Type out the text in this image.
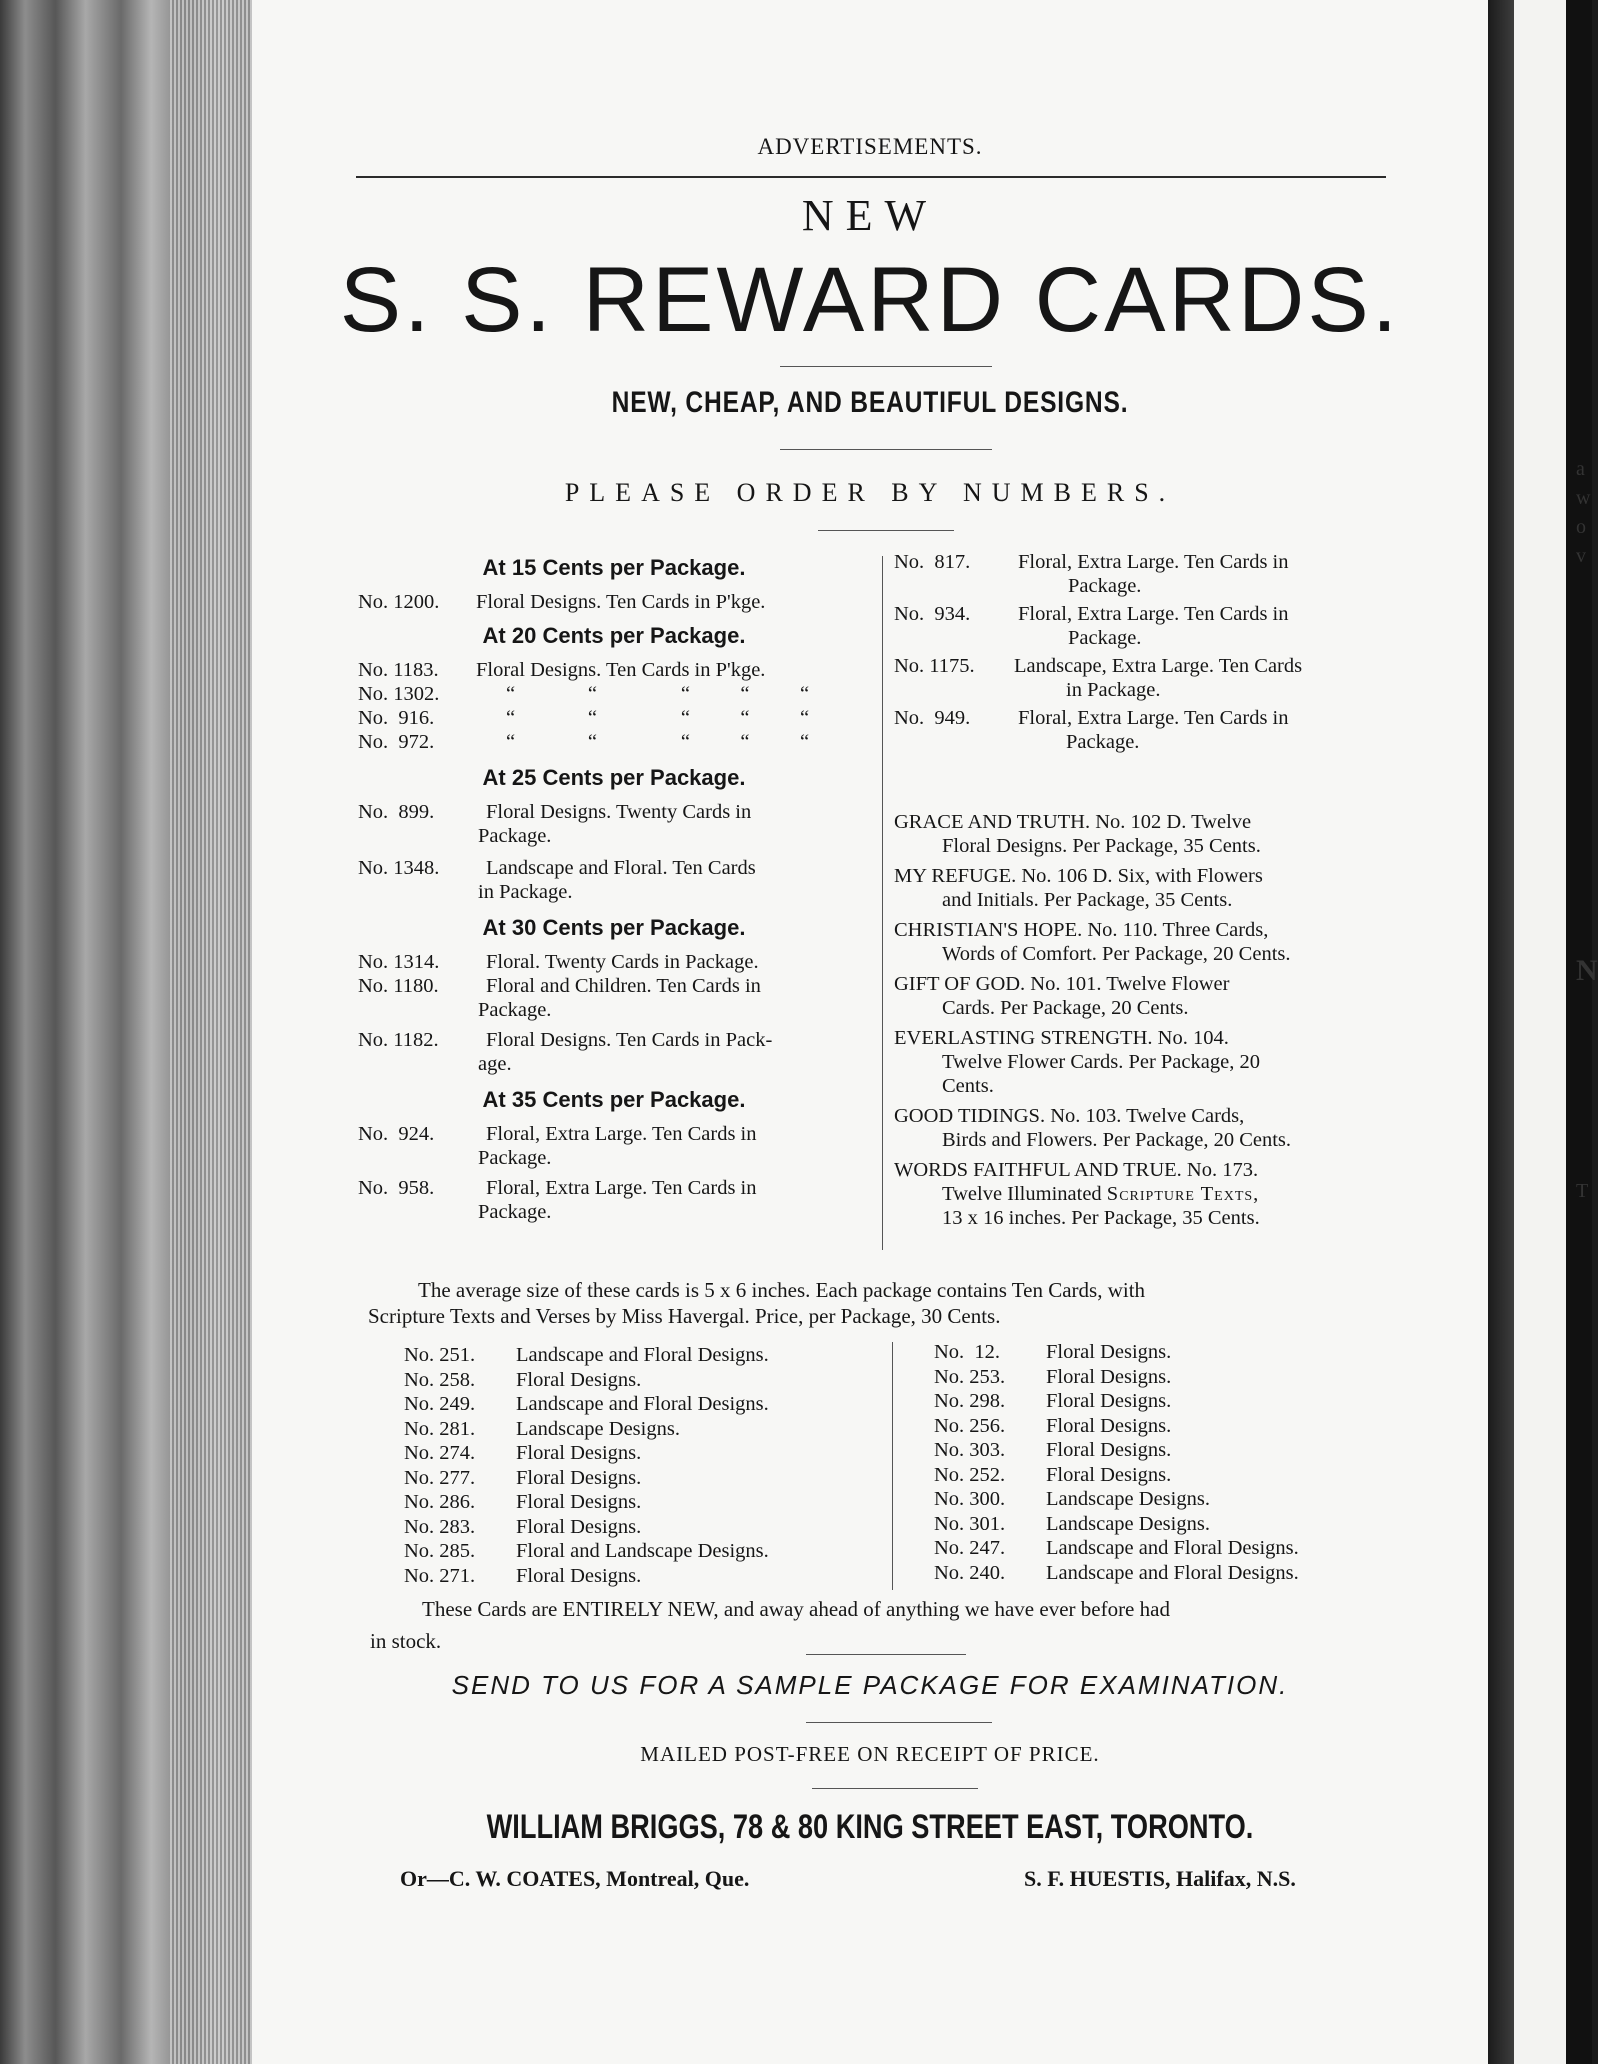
a
w
o
v
N
T
ADVERTISEMENTS.
NEW
S. S. REWARD CARDS.
NEW, CHEAP, AND BEAUTIFUL DESIGNS.
PLEASE ORDER BY NUMBERS.
At 15 Cents per Package.
No. 1200. Floral Designs. Ten Cards in P'kge.
At 20 Cents per Package.
No. 1183. Floral Designs. Ten Cards in P'kge.
No. 1302.	“      “       “    “    “
No.  916.	“      “       “    “    “
No.  972.	“      “       “    “    “
At 25 Cents per Package.
No.  899.	Floral Designs. Twenty Cards in
Package.
No. 1348. Landscape and Floral. Ten Cards
in Package.
At 30 Cents per Package.
No. 1314. Floral. Twenty Cards in Package.
No. 1180. Floral and Children. Ten Cards in
Package.
No. 1182. Floral Designs. Ten Cards in Pack-
age.
At 35 Cents per Package.
No.  924.	Floral, Extra Large. Ten Cards in
Package.
No.  958.	Floral, Extra Large. Ten Cards in
Package.
No.  817. Floral, Extra Large. Ten Cards in
Package.
No.  934. Floral, Extra Large. Ten Cards in
Package.
No. 1175. Landscape, Extra Large. Ten Cards
in Package.
No.  949. Floral, Extra Large. Ten Cards in
Package.
GRACE AND TRUTH. No. 102 D. Twelve
Floral Designs. Per Package, 35 Cents.
MY REFUGE. No. 106 D. Six, with Flowers
and Initials. Per Package, 35 Cents.
CHRISTIAN'S HOPE. No. 110. Three Cards,
Words of Comfort. Per Package, 20 Cents.
GIFT OF GOD. No. 101. Twelve Flower
Cards. Per Package, 20 Cents.
EVERLASTING STRENGTH. No. 104.
Twelve Flower Cards. Per Package, 20
Cents.
GOOD TIDINGS. No. 103. Twelve Cards,
Birds and Flowers. Per Package, 20 Cents.
WORDS FAITHFUL AND TRUE. No. 173.
Twelve Illuminated Scripture Texts,
13 x 16 inches. Per Package, 35 Cents.
The average size of these cards is 5 x 6 inches. Each package contains Ten Cards, with
Scripture Texts and Verses by Miss Havergal. Price, per Package, 30 Cents.
No. 251. Landscape and Floral Designs.
No. 258. Floral Designs.
No. 249. Landscape and Floral Designs.
No. 281. Landscape Designs.
No. 274. Floral Designs.
No. 277. Floral Designs.
No. 286. Floral Designs.
No. 283. Floral Designs.
No. 285. Floral and Landscape Designs.
No. 271. Floral Designs.
No.  12. Floral Designs.
No. 253. Floral Designs.
No. 298. Floral Designs.
No. 256. Floral Designs.
No. 303. Floral Designs.
No. 252. Floral Designs.
No. 300. Landscape Designs.
No. 301. Landscape Designs.
No. 247. Landscape and Floral Designs.
No. 240. Landscape and Floral Designs.
These Cards are ENTIRELY NEW, and away ahead of anything we have ever before had
in stock.
SEND TO US FOR A SAMPLE PACKAGE FOR EXAMINATION.
MAILED POST-FREE ON RECEIPT OF PRICE.
WILLIAM BRIGGS, 78 & 80 KING STREET EAST, TORONTO.
Or—C. W. COATES, Montreal, Que.	S. F. HUESTIS, Halifax, N.S.
